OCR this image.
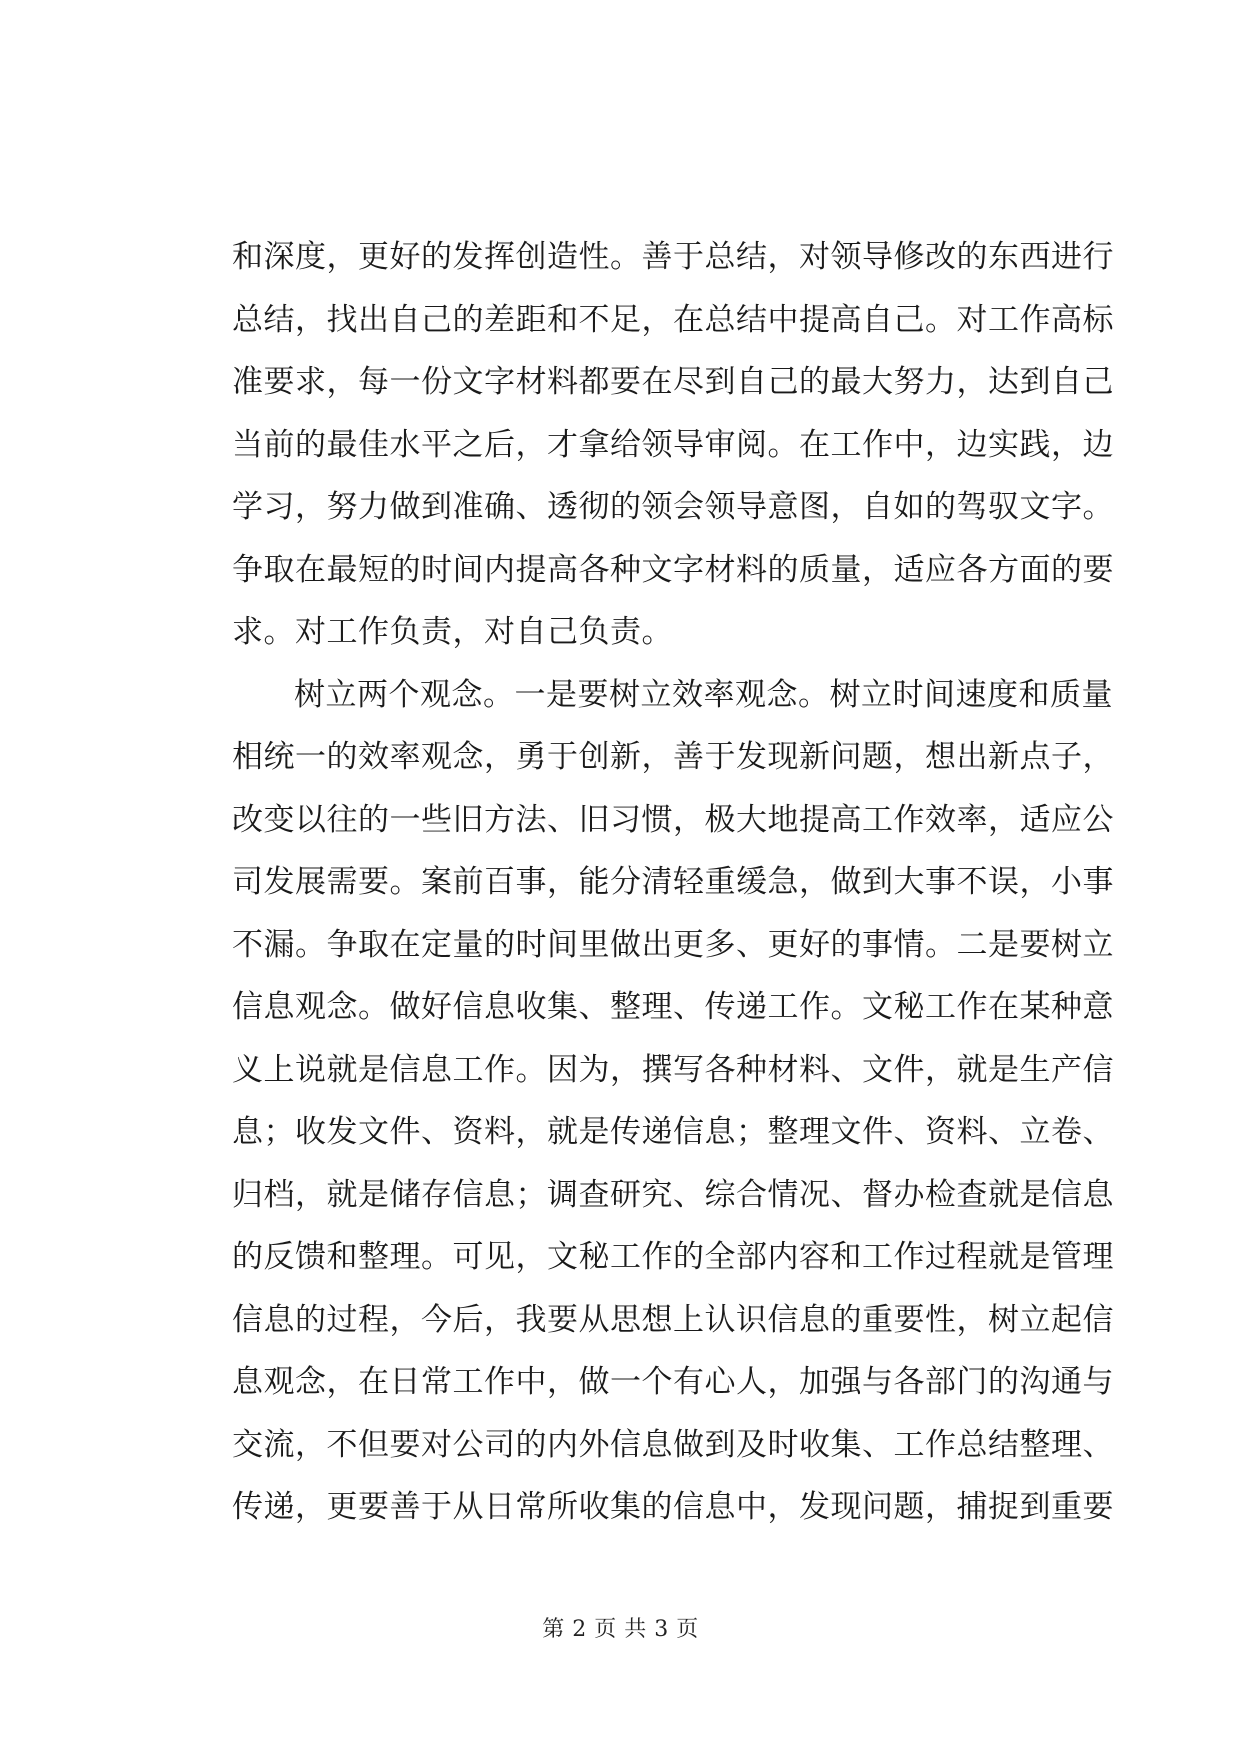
和深度，更好的发挥创造性。善于总结，对领导修改的东西进行
总结，找出自己的差距和不足，在总结中提高自己。对工作高标
准要求，每一份文字材料都要在尽到自己的最大努力，达到自己
当前的最佳水平之后，才拿给领导审阅。在工作中，边实践，边
学习，努力做到准确、透彻的领会领导意图，自如的驾驭文字。
争取在最短的时间内提高各种文字材料的质量，适应各方面的要
求。对工作负责，对自己负责。
树立两个观念。一是要树立效率观念。树立时间速度和质量
相统一的效率观念，勇于创新，善于发现新问题，想出新点子，
改变以往的一些旧方法、旧习惯，极大地提高工作效率，适应公
司发展需要。案前百事，能分清轻重缓急，做到大事不误，小事
不漏。争取在定量的时间里做出更多、更好的事情。二是要树立
信息观念。做好信息收集、整理、传递工作。文秘工作在某种意
义上说就是信息工作。因为，撰写各种材料、文件，就是生产信
息；收发文件、资料，就是传递信息；整理文件、资料、立卷、
归档，就是储存信息；调查研究、综合情况、督办检查就是信息
的反馈和整理。可见，文秘工作的全部内容和工作过程就是管理
信息的过程，今后，我要从思想上认识信息的重要性，树立起信
息观念，在日常工作中，做一个有心人，加强与各部门的沟通与
交流，不但要对公司的内外信息做到及时收集、工作总结整理、
传递，更要善于从日常所收集的信息中，发现问题，捕捉到重要
第 2 页 共 3 页
